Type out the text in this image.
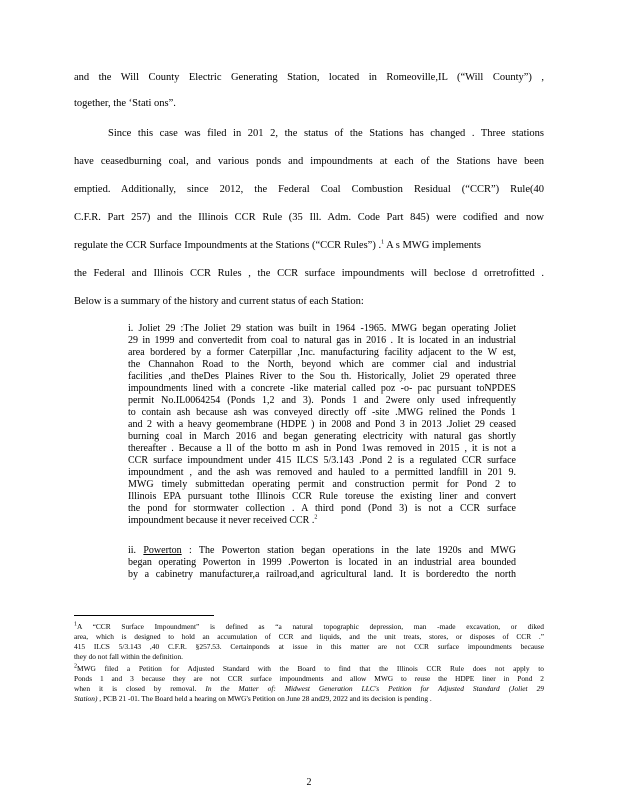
and the Will County Electric Generating Station, located in Romeoville,IL (“Will County”) ,
together, the ‘Stati ons”.
Since this case was filed in 201 2, the status of the Stations has changed . Three stations
have ceasedburning coal, and various ponds and impoundments at each of the Stations have been
emptied. Additionally, since 2012, the Federal Coal Combustion Residual (“CCR”) Rule(40
C.F.R. Part 257) and the Illinois CCR Rule (35 Ill. Adm. Code Part 845) were codified and now
regulate the CCR Surface Impoundments at the Stations (“CCR Rules”) .$^1$ A s MWG implements
the Federal and Illinois CCR Rules , the CCR surface impoundments will beclose d orretrofitted .
Below is a summary of the history and current status of each Station:
i. Joliet 29 :The Joliet 29 station was built in 1964 -1965. MWG began operating Joliet
29 in 1999 and convertedit from coal to natural gas in 2016 . It is located in an industrial
area bordered by a former Caterpillar ,Inc. manufacturing facility adjacent to the W est,
the Channahon Road to the North, beyond which are commer cial and industrial
facilities ,and theDes Plaines River to the Sou th. Historically, Joliet 29 operated three
impoundments lined with a concrete -like material called poz -o- pac pursuant toNPDES
permit No.IL0064254 (Ponds 1,2 and 3). Ponds 1 and 2were only used infrequently
to contain ash because ash was conveyed directly off -site .MWG relined the Ponds 1
and 2 with a heavy geomembrane (HDPE ) in 2008 and Pond 3 in 2013 .Joliet 29 ceased
burning coal in March 2016 and began generating electricity with natural gas shortly
thereafter . Because a ll of the botto m ash in Pond 1was removed in 2015 , it is not a
CCR surface impoundment under 415 ILCS 5/3.143 .Pond 2 is a regulated CCR surface
impoundment , and the ash was removed and hauled to a permitted landfill in 201 9.
MWG timely submittedan operating permit and construction permit for Pond 2 to
Illinois EPA pursuant tothe Illinois CCR Rule toreuse the existing liner and convert
the pond for stormwater collection . A third pond (Pond 3) is not a CCR surface
impoundment because it never received CCR .$^2$
ii. Powerton : The Powerton station began operations in the late 1920s and MWG
began operating Powerton in 1999 .Powerton is located in an industrial area bounded
by a cabinetry manufacturer,a railroad,and agricultural land. It is borderedto the north
$^1$A “CCR Surface Impoundment” is defined as “a natural topographic depression, man -made excavation, or diked
area, which is designed to hold an accumulation of CCR and liquids, and the unit treats, stores, or disposes of CCR .”
415 ILCS 5/3.143 ,40 C.F.R. §257.53. Certainponds at issue in this matter are not CCR surface impoundments because
they do not fall within the definition.
$^2$MWG filed a Petition for Adjusted Standard with the Board to find that the Illinois CCR Rule does not apply to
Ponds 1 and 3 because they are not CCR surface impoundments and allow MWG to reuse the HDPE liner in Pond 2
when it is closed by removal. In the Matter of: Midwest Generation LLC's Petition for Adjusted Standard (Joliet 29
Station) , PCB 21 -01. The Board held a hearing on MWG's Petition on June 28 and29, 2022 and its decision is pending .
2
